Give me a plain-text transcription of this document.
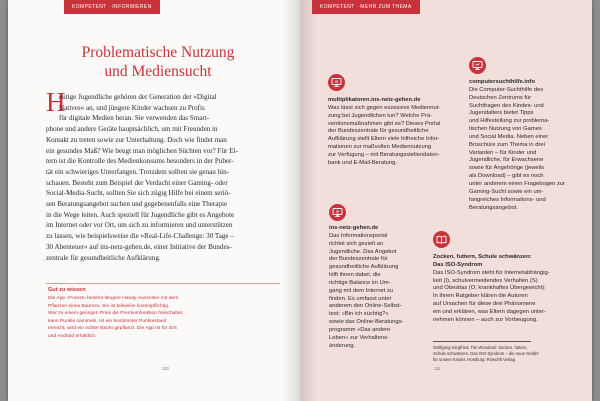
KOMPETENT · INFORMIEREN
Problematische Nutzung
und Mediensucht
H
eutige Jugendliche gehören der Generation der »Digital
Natives« an, und jüngere Kinder wachsen zu Profis
für digitale Medien heran. Sie verwenden das Smart-
phone und andere Geräte hauptsächlich, um mit Freunden in
Kontakt zu treten sowie zur Unterhaltung. Doch wie findet man
ein gesundes Maß? Wie beugt man möglichen Süchten vor? Für El-
tern ist die Kontrolle des Medienkonsums besonders in der Puber-
tät ein schwieriges Unterfangen. Trotzdem sollten sie genau hin-
schauen. Besteht zum Beispiel der Verdacht einer Gaming- oder
Social-Media-Sucht, sollten Sie sich zügig Hilfe bei einem seriö-
sen Beratungsangebot suchen und gegebenenfalls eine Therapie
in die Wege leiten. Auch speziell für Jugendliche gibt es Angebote
im Internet oder vor Ort, um sich zu informieren und unterstützen
zu lassen, wie beispielsweise die »Real-Life-Challenge: 30 Tage –
30 Abenteuer« auf ins-netz-gehen.de, einer Initiative der Bundes-
zentrale für gesundheitliche Aufklärung.
Gut zu wissen
Die App »Forest« belohnt längere Handy-Auszeiten mit dem
Pflanzen eines Baumes. Sie ist teilweise kostenpflichtig.
Wer zu einem geringen Preis die Premiumfunktion freischaltet,
kann Punkte sammeln. Ist ein bestimmter Punktestand
erreicht, wird ein echter Baum gepflanzt. Die App ist für iOS
und Android erhältlich.
110
KOMPETENT · MEHR ZUM THEMA
@
multiplikatoren.ins-netz-gehen.de
Was lässt sich gegen exzessive Mediennut-
zung bei Jugendlichen tun? Welche Prä-
ventionsmaßnahmen gibt es? Dieses Portal
der Bundeszentrale für gesundheitliche
Aufklärung stellt Eltern viele hilfreiche Infor-
mationen zur maßvollen Mediennutzung
zur Verfügung – mit Beratungsstellendaten-
bank und E-Mail-Beratung.
computersuchthilfe.info
Die Computer-Suchthilfe des
Deutschen Zentrums für
Suchtfragen des Kindes- und
Jugendalters bietet Tipps
und Hilfestellung zur problema-
tischen Nutzung von Games
und Social Media. Neben einer
Broschüre zum Thema in drei
Varianten – für Kinder und
Jugendliche, für Erwachsene
sowie für Angehörige (jeweils
als Download) – gibt es noch
unter anderem einen Fragebogen zur
Gaming-Sucht sowie ein um-
fangreiches Informations- und
Beratungsangebot.
@
ins-netz-gehen.de
Das Informationsportal
richtet sich gezielt an
Jugendliche. Das Angebot
der Bundeszentrale für
gesundheitliche Aufklärung
hilft ihnen dabei, die
richtige Balance im Um-
gang mit dem Internet zu
finden. Es umfasst unter
anderem den Online-Selbst-
test: »Bin ich süchtig?«
sowie das Online-Beratungs-
programm »Das andere
Leben« zur Verhaltens-
änderung.
Zocken, futtern, Schule schwänzen:
Das ISO-Syndrom
Das ISO-Syndrom steht für Internetabhängig-
keit (I), schulvermeidendes Verhalten (S)
und Obesitas (O; krankhaftes Übergewicht):
In ihrem Ratgeber klären die Autoren
auf Ursachen für diese drei Phänomene
ein und erklären, was Eltern dagegen unter-
nehmen können – auch zur Vorbeugung.
Wolfgang Siegfried, Tim Wondorsi: Zocken, futtern,
Schule schwänzen. Das ISO-Syndrom – die neue Gefahr
für unsere Kinder. Homburg: Rowohlt Verlag
111
